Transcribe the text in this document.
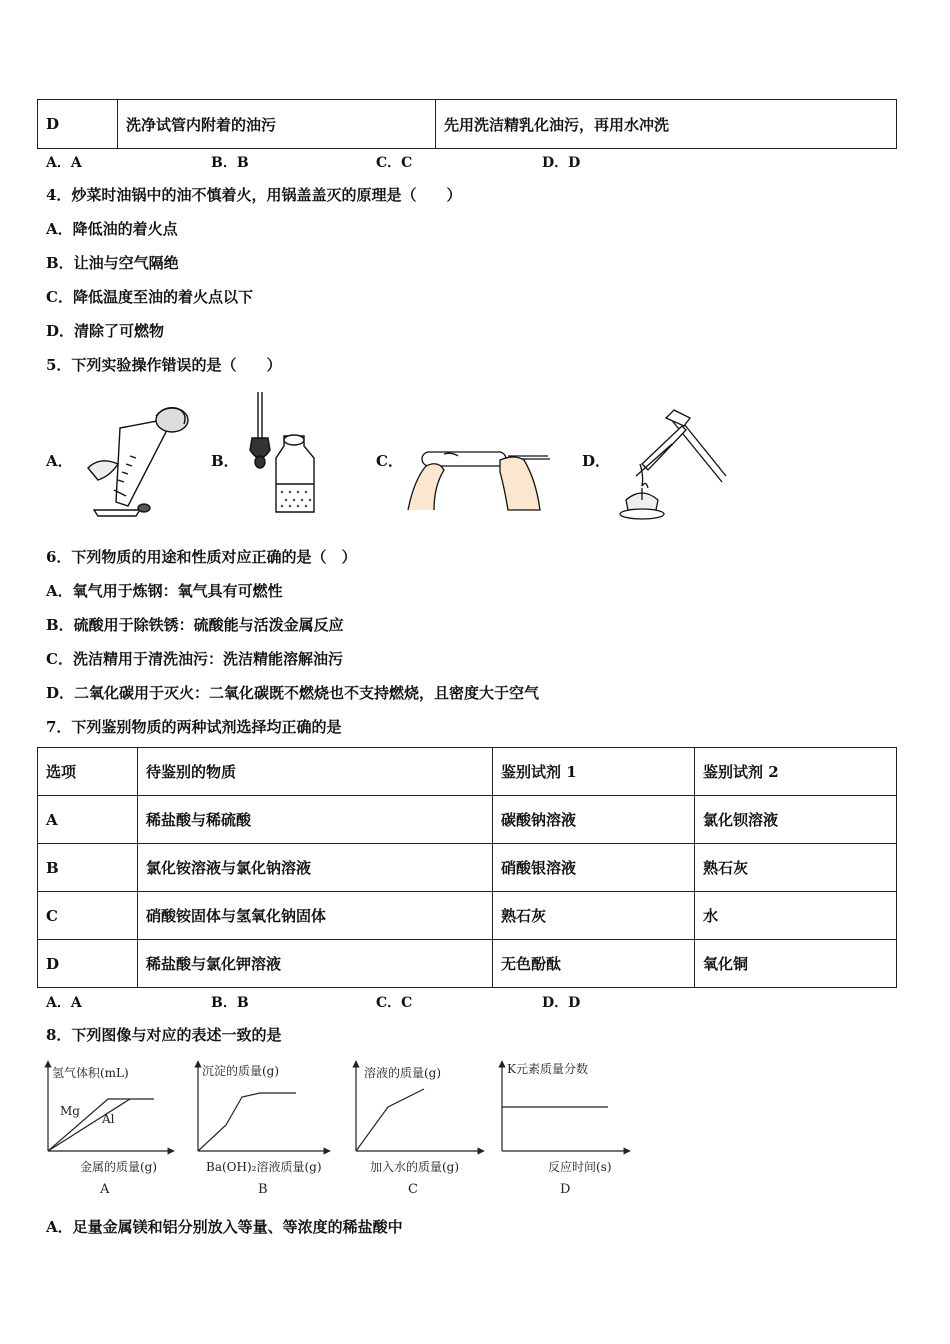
D	洗净试管内附着的油污	先用洗洁精乳化油污，再用水冲洗
A．A	B．B	C．C	D．D
4．炒菜时油锅中的油不慎着火，用锅盖盖灭的原理是（　　）
A．降低油的着火点
B．让油与空气隔绝
C．降低温度至油的着火点以下
D．清除了可燃物
5．下列实验操作错误的是（　　）
A．	B．	C．	D．
6．下列物质的用途和性质对应正确的是（　）
A．氧气用于炼钢：氧气具有可燃性
B．硫酸用于除铁锈：硫酸能与活泼金属反应
C．洗洁精用于清洗油污：洗洁精能溶解油污
D．二氧化碳用于灭火：二氧化碳既不燃烧也不支持燃烧，且密度大于空气
7．下列鉴别物质的两种试剂选择均正确的是
选项	待鉴别的物质	鉴别试剂 1	鉴别试剂 2
A	稀盐酸与稀硫酸	碳酸钠溶液	氯化钡溶液
B	氯化铵溶液与氯化钠溶液	硝酸银溶液	熟石灰
C	硝酸铵固体与氢氧化钠固体	熟石灰	水
D	稀盐酸与氯化钾溶液	无色酚酞	氧化铜
A．A	B．B	C．C	D．D
8．下列图像与对应的表述一致的是
氢气体积(mL)
Mg
Al
金属的质量(g)
A
沉淀的质量(g)
Ba(OH)₂溶液质量(g)
B
溶液的质量(g)
加入水的质量(g)
C
K元素质量分数
反应时间(s)
D
A．足量金属镁和铝分别放入等量、等浓度的稀盐酸中
